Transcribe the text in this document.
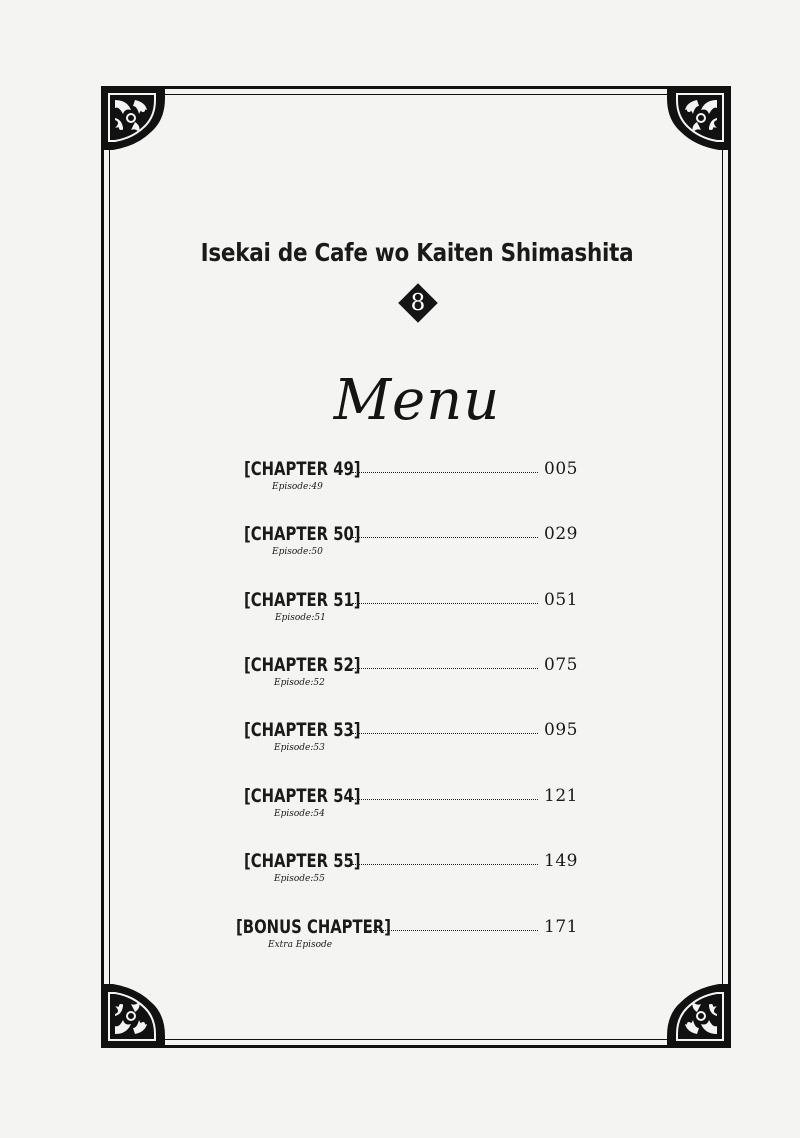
Isekai de Cafe wo Kaiten Shimashita
8
Menu
[CHAPTER 49]
Episode:49
005
[CHAPTER 50]
Episode:50
029
[CHAPTER 51]
Episode:51
051
[CHAPTER 52]
Episode:52
075
[CHAPTER 53]
Episode:53
095
[CHAPTER 54]
Episode:54
121
[CHAPTER 55]
Episode:55
149
[BONUS CHAPTER]
Extra Episode
171
